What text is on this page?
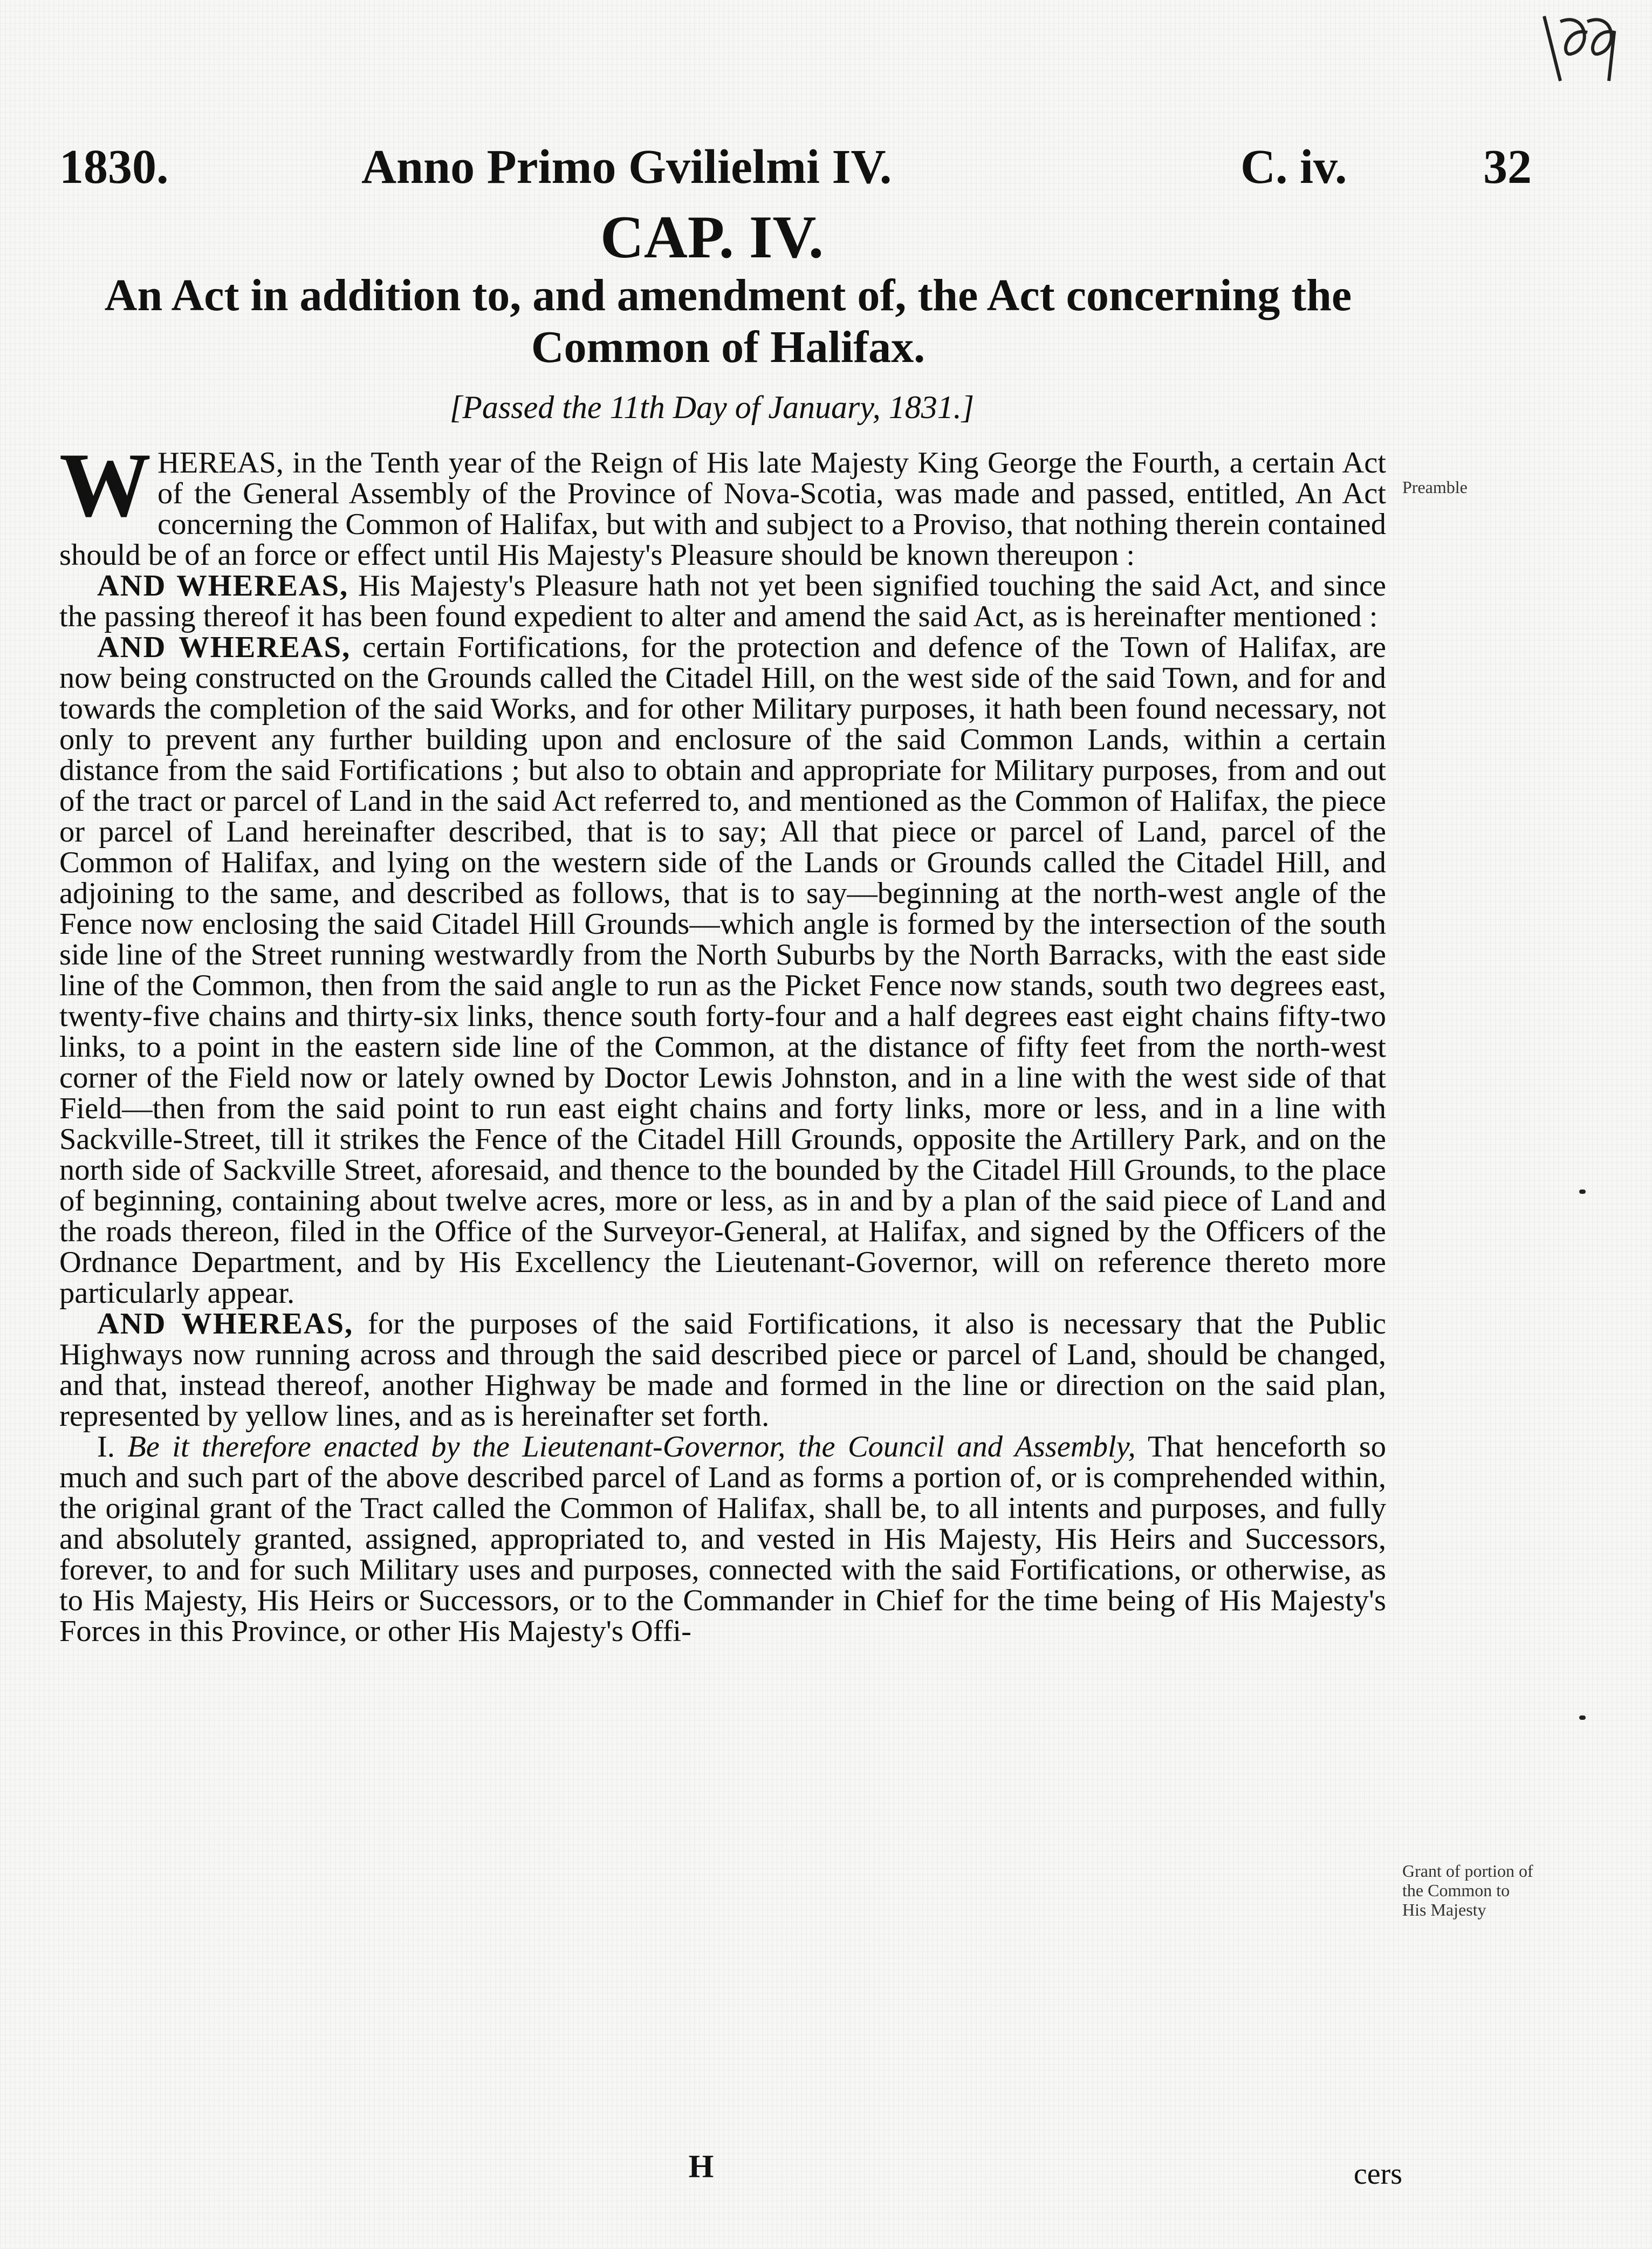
1830.	Anno Primo Gvilielmi IV.	C. iv.	32
CAP. IV.
An Act in addition to, and amendment of, the Act concerning the Common of Halifax.
[Passed the 11th Day of January, 1831.]
Preamble
Grant of portion of the Common to His Majesty

WHEREAS, in the Tenth year of the Reign of His late Majesty King George the Fourth, a certain Act of the General Assembly of the Province of Nova-Scotia, was made and passed, entitled, An Act concerning the Common of Halifax, but with and subject to a Proviso, that nothing therein contained should be of an force or effect until His Majesty's Pleasure should be known thereupon :

AND WHEREAS, His Majesty's Pleasure hath not yet been signified touching the said Act, and since the passing thereof it has been found expedient to alter and amend the said Act, as is hereinafter mentioned :

AND WHEREAS, certain Fortifications, for the protection and defence of the Town of Halifax, are now being constructed on the Grounds called the Citadel Hill, on the west side of the said Town, and for and towards the completion of the said Works, and for other Military purposes, it hath been found necessary, not only to prevent any further building upon and enclosure of the said Common Lands, within a certain distance from the said Fortifications ; but also to obtain and appropriate for Military purposes, from and out of the tract or parcel of Land in the said Act referred to, and mentioned as the Common of Halifax, the piece or parcel of Land hereinafter described, that is to say; All that piece or parcel of Land, parcel of the Common of Halifax, and lying on the western side of the Lands or Grounds called the Citadel Hill, and adjoining to the same, and described as follows, that is to say—beginning at the north-west angle of the Fence now enclosing the said Citadel Hill Grounds—which angle is formed by the intersection of the south side line of the Street running westwardly from the North Suburbs by the North Barracks, with the east side line of the Common, then from the said angle to run as the Picket Fence now stands, south two degrees east, twenty-five chains and thirty-six links, thence south forty-four and a half degrees east eight chains fifty-two links, to a point in the eastern side line of the Common, at the distance of fifty feet from the north-west corner of the Field now or lately owned by Doctor Lewis Johnston, and in a line with the west side of that Field—then from the said point to run east eight chains and forty links, more or less, and in a line with Sackville-Street, till it strikes the Fence of the Citadel Hill Grounds, opposite the Artillery Park, and on the north side of Sackville Street, aforesaid, and thence to the bounded by the Citadel Hill Grounds, to the place of beginning, containing about twelve acres, more or less, as in and by a plan of the said piece of Land and the roads thereon, filed in the Office of the Surveyor-General, at Halifax, and signed by the Officers of the Ordnance Department, and by His Excellency the Lieutenant-Governor, will on reference thereto more particularly appear.

AND WHEREAS, for the purposes of the said Fortifications, it also is necessary that the Public Highways now running across and through the said described piece or parcel of Land, should be changed, and that, instead thereof, another Highway be made and formed in the line or direction on the said plan, represented by yellow lines, and as is hereinafter set forth.

I. Be it therefore enacted by the Lieutenant-Governor, the Council and Assembly, That henceforth so much and such part of the above described parcel of Land as forms a portion of, or is comprehended within, the original grant of the Tract called the Common of Halifax, shall be, to all intents and purposes, and fully and absolutely granted, assigned, appropriated to, and vested in His Majesty, His Heirs and Successors, forever, to and for such Military uses and purposes, connected with the said Fortifications, or otherwise, as to His Majesty, His Heirs or Successors, or to the Commander in Chief for the time being of His Majesty's Forces in this Province, or other His Majesty's Offi-

H	cers
